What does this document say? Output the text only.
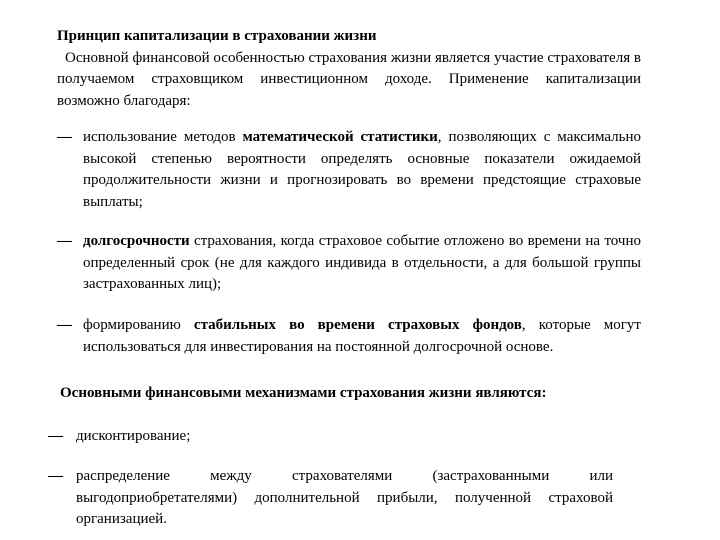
Принцип капитализации в страховании жизни
Основной финансовой особенностью страхования жизни является участие страхователя в получаемом страховщиком инвестиционном доходе. Применение капитализации возможно благодаря:
— использование методов математической статистики, позволяющих с максимально высокой степенью вероятности определять основные показатели ожидаемой продолжительности жизни и прогнозировать во времени предстоящие страховые выплаты;
— долгосрочности страхования, когда страховое событие отложено во времени на точно определенный срок (не для каждого индивида в отдельности, а для большой группы застрахованных лиц);
— формированию стабильных во времени страховых фондов, которые могут использоваться для инвестирования на постоянной долгосрочной основе.
Основными финансовыми механизмами страхования жизни являются:
— дисконтирование;
— распределение между страхователями (застрахованными или выгодоприобретателями) дополнительной прибыли, полученной страховой организацией.
